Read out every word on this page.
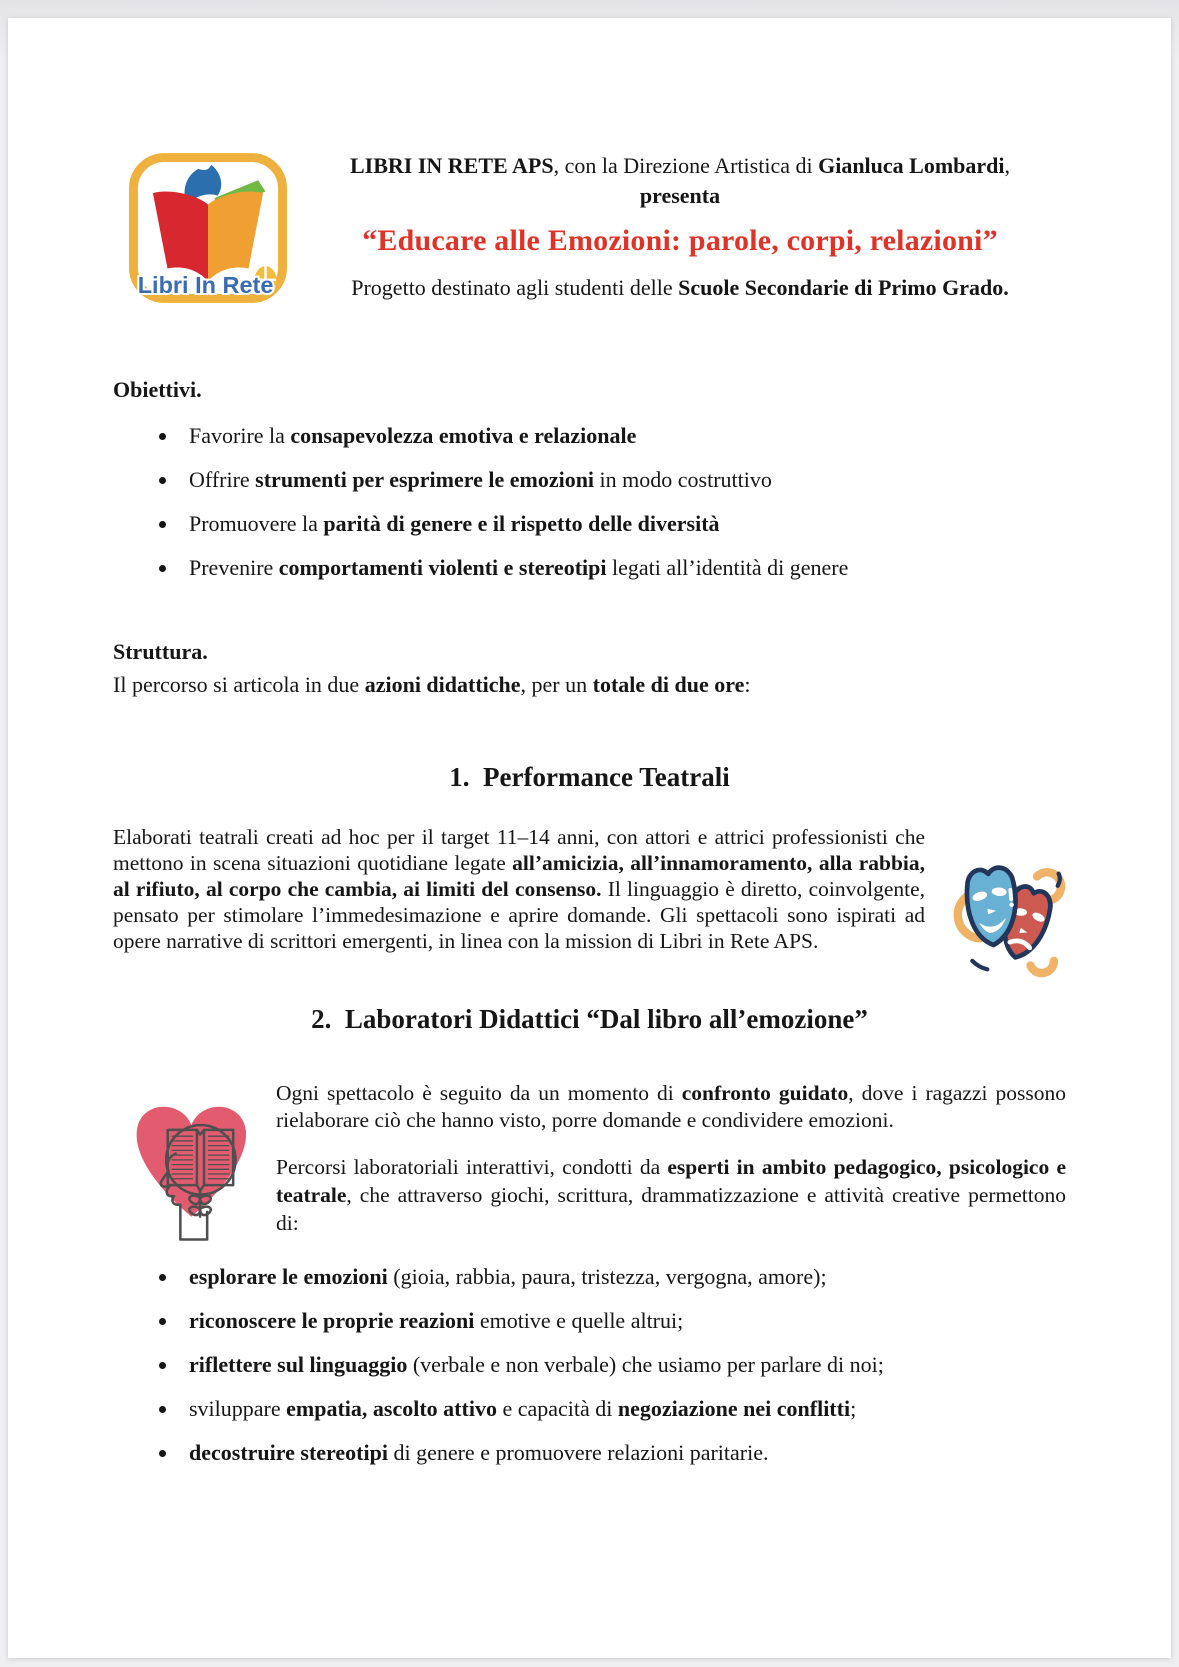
Libri In Rete
LIBRI IN RETE APS, con la Direzione Artistica di Gianluca Lombardi,
presenta
“Educare alle Emozioni: parole, corpi, relazioni”
Progetto destinato agli studenti delle Scuole Secondarie di Primo Grado.
Obiettivi.
Favorire la consapevolezza emotiva e relazionale
Offrire strumenti per esprimere le emozioni in modo costruttivo
Promuovere la parità di genere e il rispetto delle diversità
Prevenire comportamenti violenti e stereotipi legati all’identità di genere
Struttura.
Il percorso si articola in due azioni didattiche, per un totale di due ore:
1.  Performance Teatrali
Elaborati teatrali creati ad hoc per il target 11–14 anni, con attori e attrici professionisti che mettono in scena situazioni quotidiane legate all’amicizia, all’innamoramento, alla rabbia, al rifiuto, al corpo che cambia, ai limiti del consenso. Il linguaggio è diretto, coinvolgente, pensato per stimolare l’immedesimazione e aprire domande. Gli spettacoli sono ispirati ad opere narrative di scrittori emergenti, in linea con la mission di Libri in Rete APS.
2.  Laboratori Didattici “Dal libro all’emozione”

Ogni spettacolo è seguito da un momento di confronto guidato, dove i ragazzi possono rielaborare ciò che hanno visto, porre domande e condividere emozioni.

Percorsi laboratoriali interattivi, condotti da esperti in ambito pedagogico, psicologico e teatrale, che attraverso giochi, scrittura, drammatizzazione e attività creative permettono di:

esplorare le emozioni (gioia, rabbia, paura, tristezza, vergogna, amore);
riconoscere le proprie reazioni emotive e quelle altrui;
riflettere sul linguaggio (verbale e non verbale) che usiamo per parlare di noi;
sviluppare empatia, ascolto attivo e capacità di negoziazione nei conflitti;
decostruire stereotipi di genere e promuovere relazioni paritarie.
